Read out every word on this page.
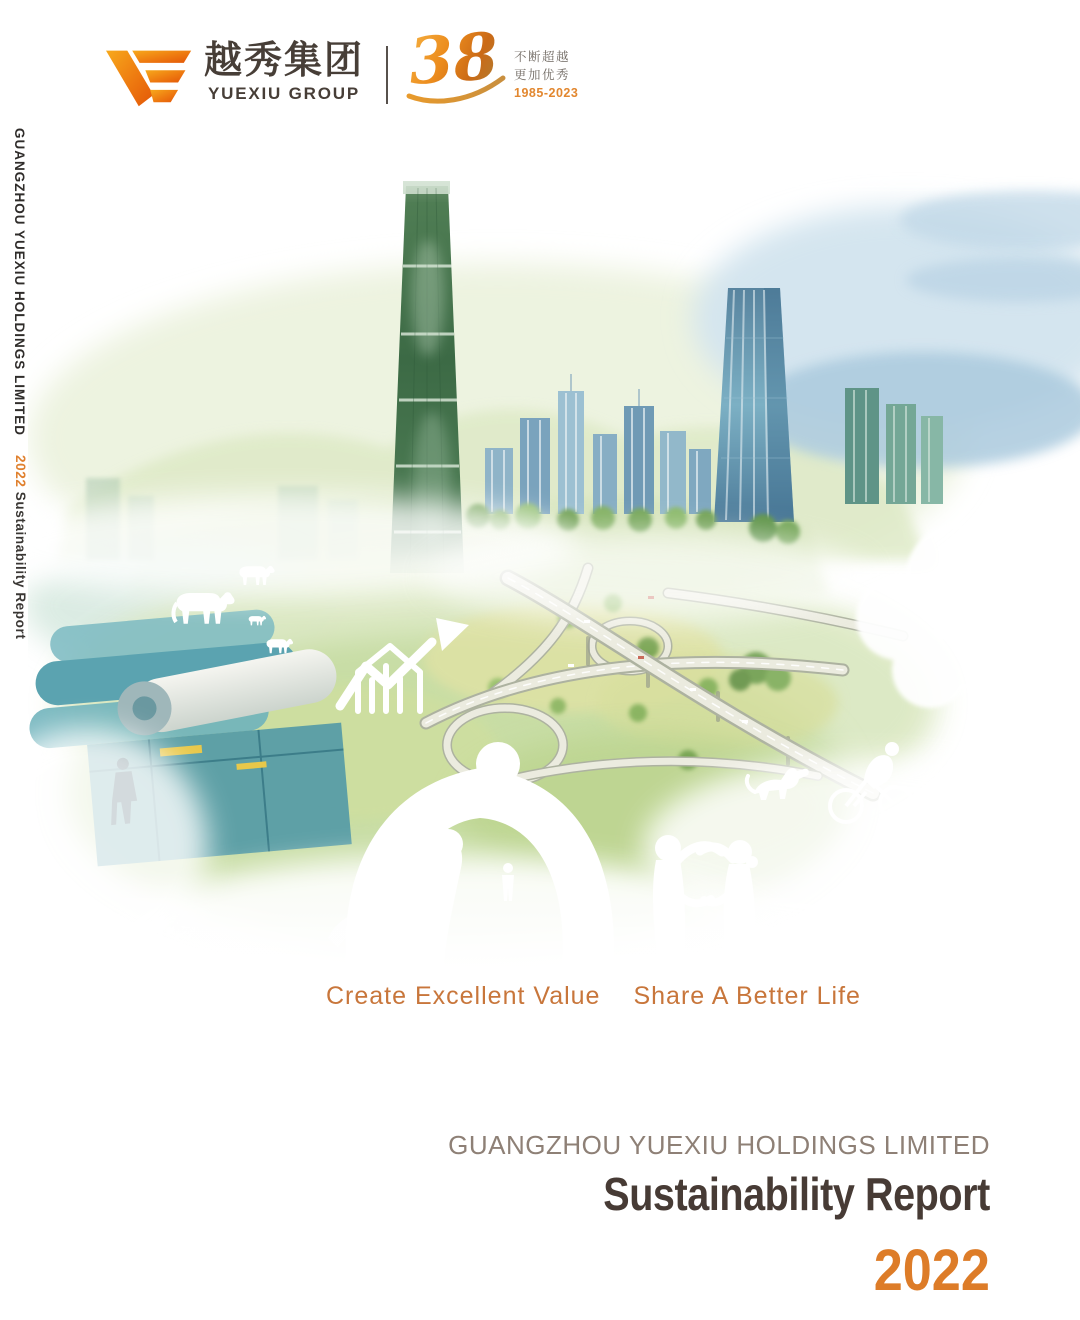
GUANGZHOU YUEXIU HOLDINGS LIMITED
2022 Sustainability Report
越秀集团
YUEXIU GROUP 38 不断超越
更加优秀
1985-2023
Create Excellent Value Share A Better Life
GUANGZHOU YUEXIU HOLDINGS LIMITED
Sustainability Report
2022
